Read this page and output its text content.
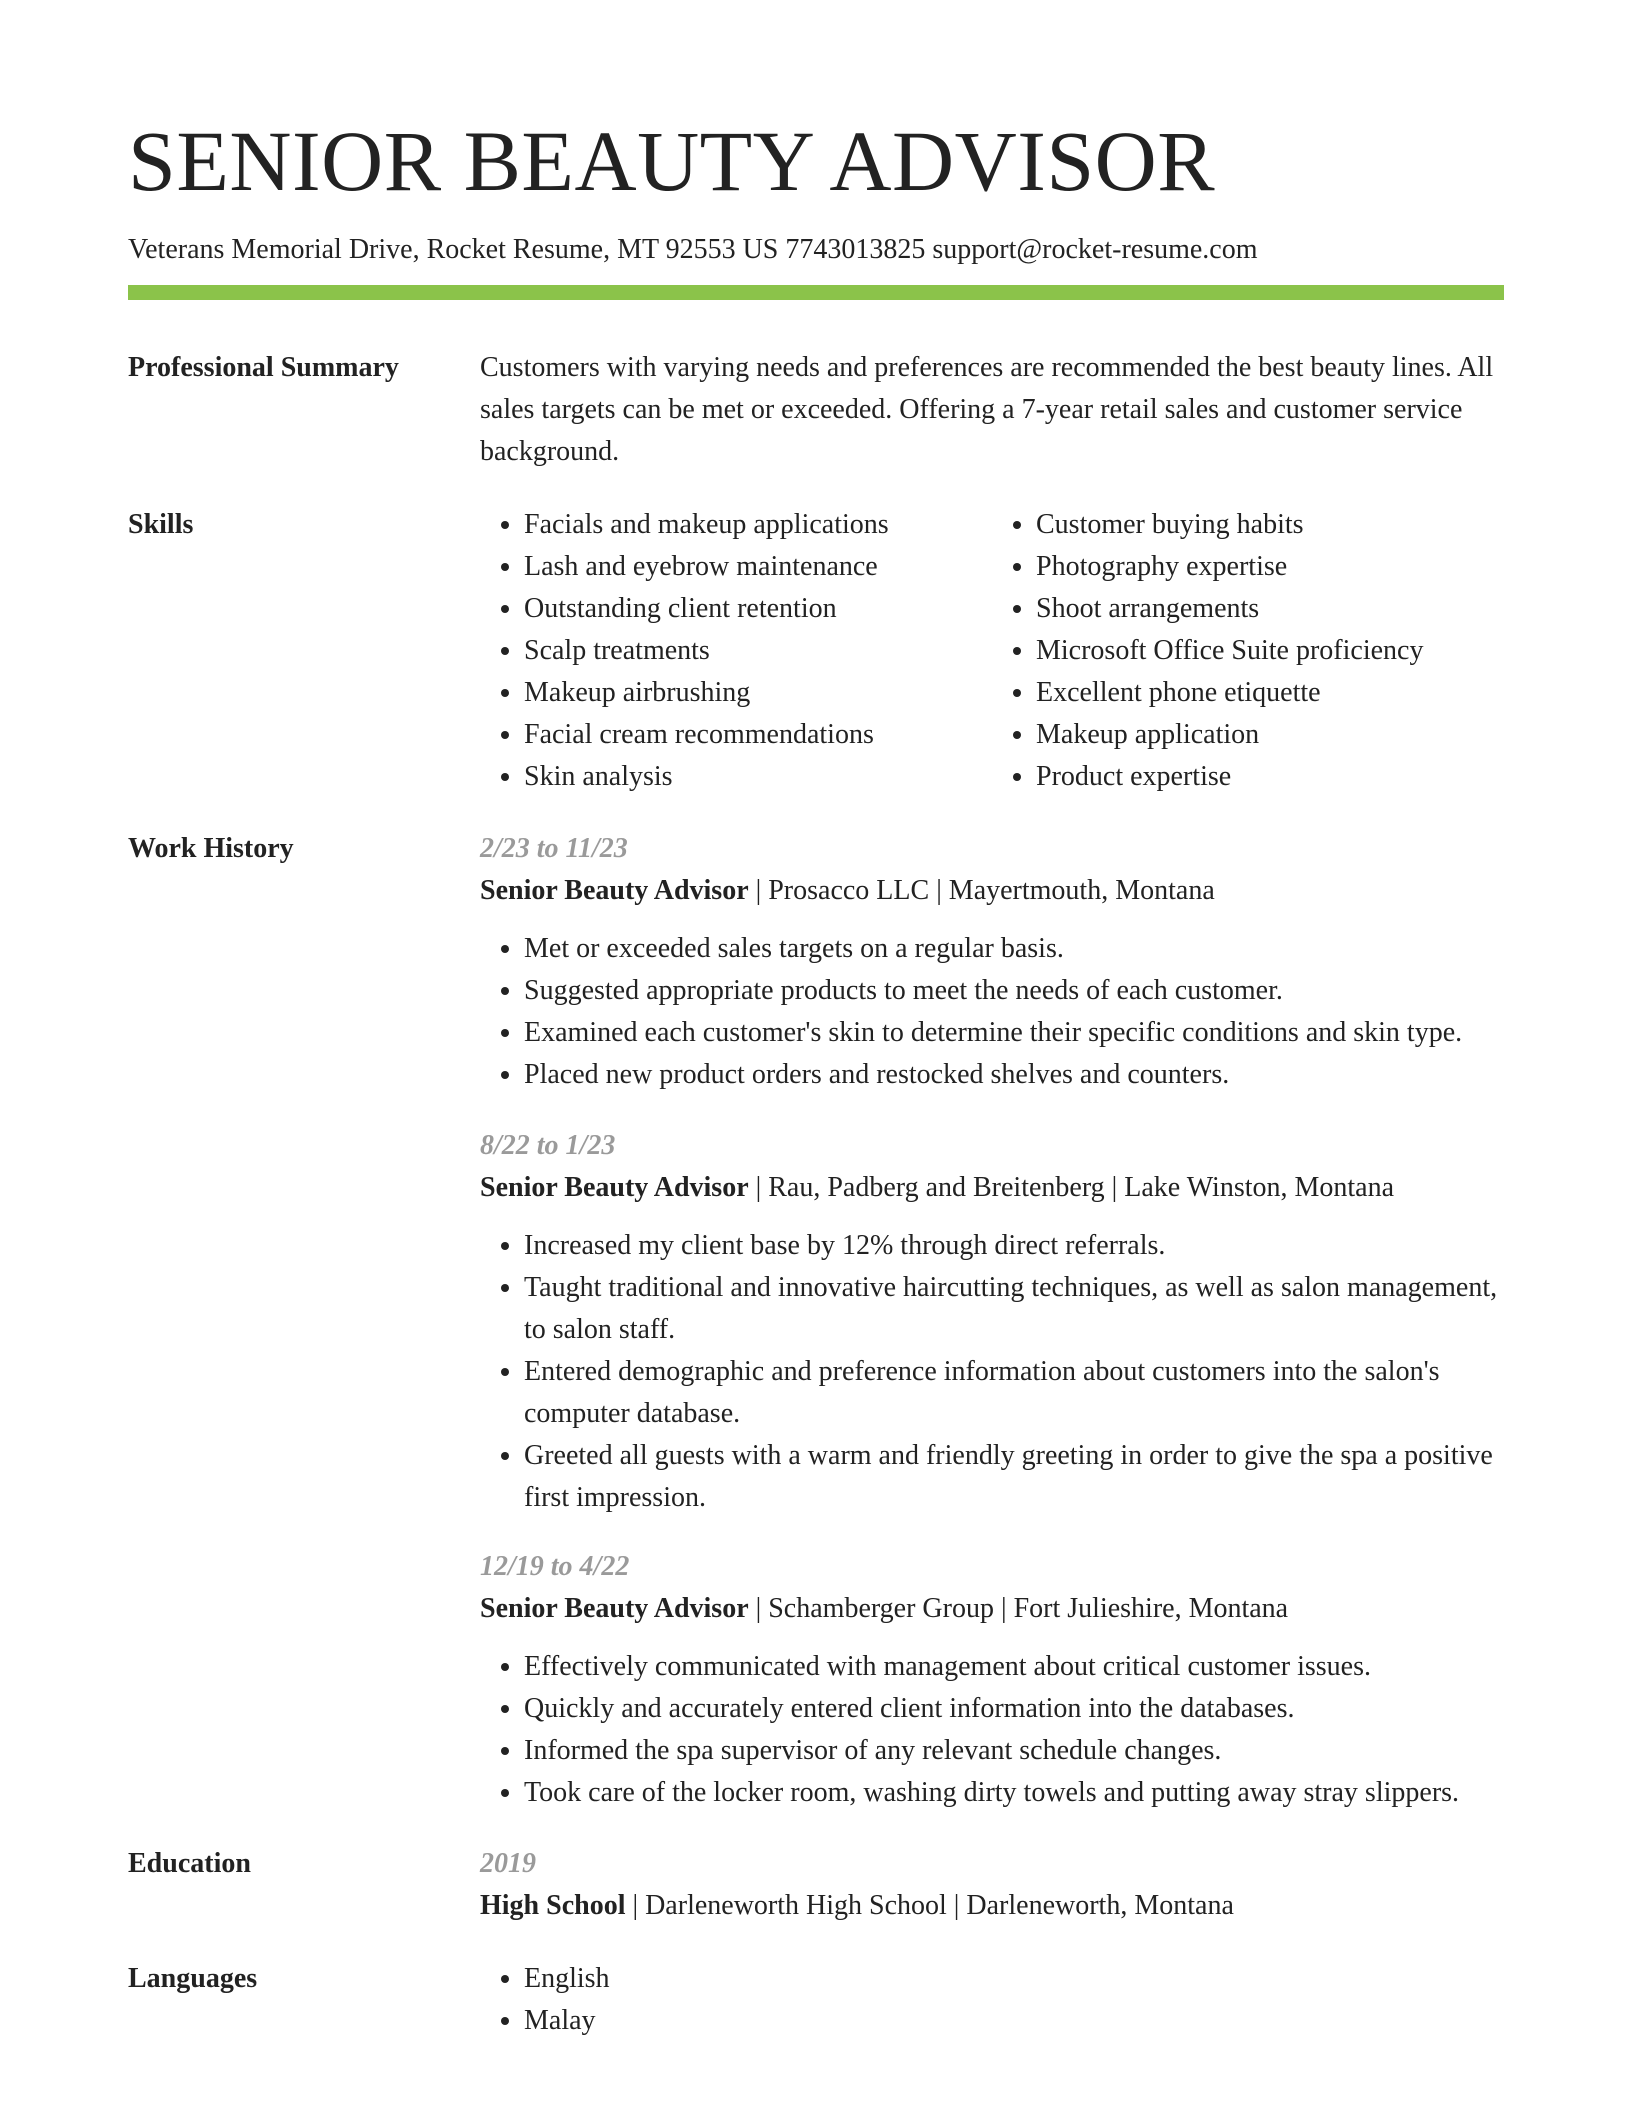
SENIOR BEAUTY ADVISOR
Veterans Memorial Drive, Rocket Resume, MT 92553 US 7743013825 support@rocket-resume.com
Professional Summary	Customers with varying needs and preferences are recommended the best beauty lines. All sales targets can be met or exceeded. Offering a 7-year retail sales and customer service background.
Skills	• Facials and makeup applications
• Lash and eyebrow maintenance
• Outstanding client retention
• Scalp treatments
• Makeup airbrushing
• Facial cream recommendations
• Skin analysis
• Customer buying habits
• Photography expertise
• Shoot arrangements
• Microsoft Office Suite proficiency
• Excellent phone etiquette
• Makeup application
• Product expertise
Work History	2/23 to 11/23
Senior Beauty Advisor | Prosacco LLC | Mayertmouth, Montana
• Met or exceeded sales targets on a regular basis.
• Suggested appropriate products to meet the needs of each customer.
• Examined each customer's skin to determine their specific conditions and skin type.
• Placed new product orders and restocked shelves and counters.
8/22 to 1/23
Senior Beauty Advisor | Rau, Padberg and Breitenberg | Lake Winston, Montana
• Increased my client base by 12% through direct referrals.
• Taught traditional and innovative haircutting techniques, as well as salon management, to salon staff.
• Entered demographic and preference information about customers into the salon's computer database.
• Greeted all guests with a warm and friendly greeting in order to give the spa a positive first impression.
12/19 to 4/22
Senior Beauty Advisor | Schamberger Group | Fort Julieshire, Montana
• Effectively communicated with management about critical customer issues.
• Quickly and accurately entered client information into the databases.
• Informed the spa supervisor of any relevant schedule changes.
• Took care of the locker room, washing dirty towels and putting away stray slippers.
Education	2019
High School | Darleneworth High School | Darleneworth, Montana
Languages	• English
• Malay
